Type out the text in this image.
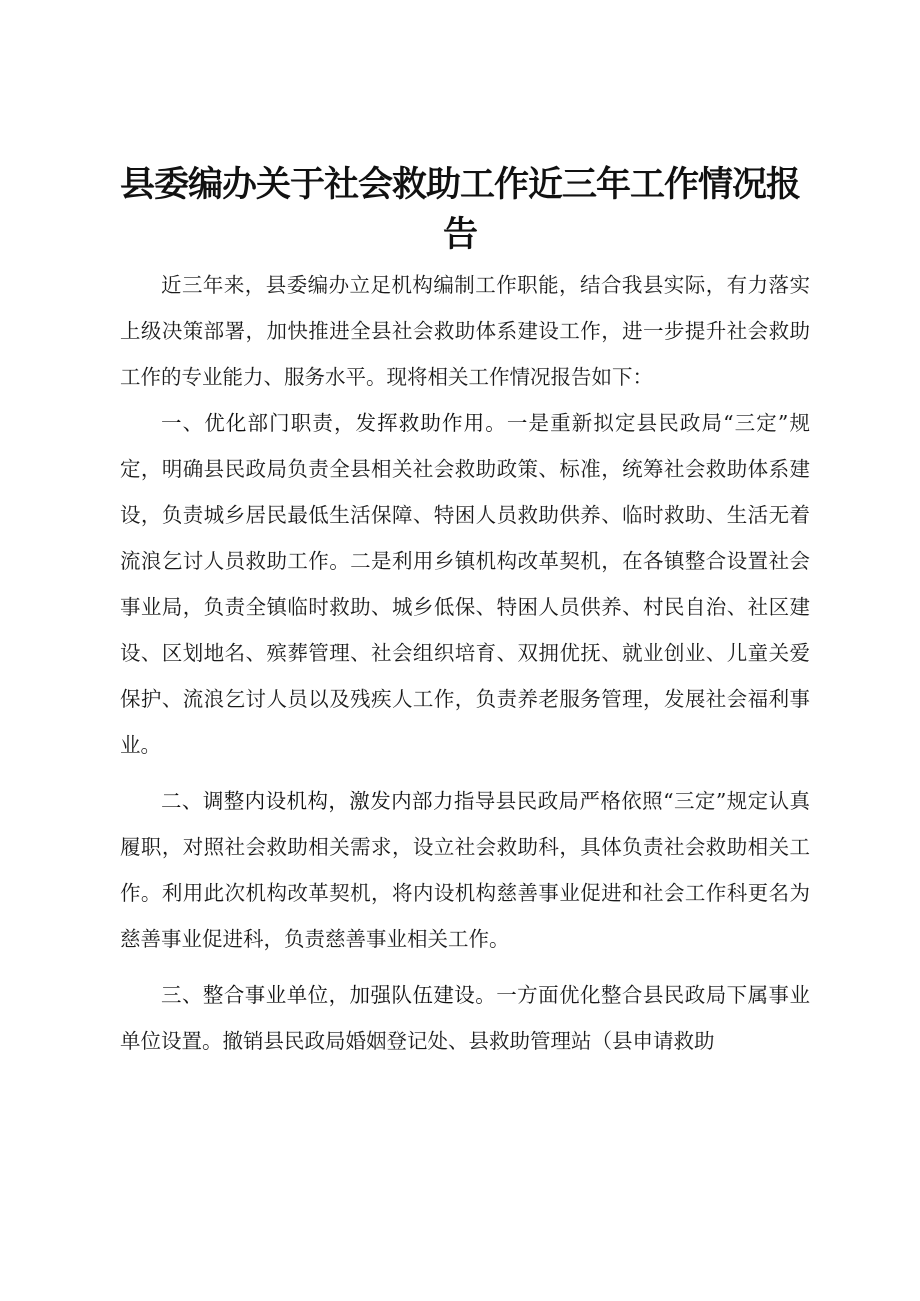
县委编办关于社会救助工作近三年工作情况报
告

近三年来，县委编办立足机构编制工作职能，结合我县实际，有力落实上级决策部署，加快推进全县社会救助体系建设工作，进一步提升社会救助工作的专业能力、服务水平。现将相关工作情况报告如下：

一、优化部门职责，发挥救助作用。一是重新拟定县民政局“三定”规定，明确县民政局负责全县相关社会救助政策、标准，统筹社会救助体系建设，负责城乡居民最低生活保障、特困人员救助供养、临时救助、生活无着流浪乞讨人员救助工作。二是利用乡镇机构改革契机，在各镇整合设置社会事业局，负责全镇临时救助、城乡低保、特困人员供养、村民自治、社区建设、区划地名、殡葬管理、社会组织培育、双拥优抚、就业创业、儿童关爱保护、流浪乞讨人员以及残疾人工作，负责养老服务管理，发展社会福利事业。

二、调整内设机构，激发内部力指导县民政局严格依照“三定”规定认真履职，对照社会救助相关需求，设立社会救助科，具体负责社会救助相关工作。利用此次机构改革契机，将内设机构慈善事业促进和社会工作科更名为慈善事业促进科，负责慈善事业相关工作。

三、整合事业单位，加强队伍建设。一方面优化整合县民政局下属事业单位设置。撤销县民政局婚姻登记处、县救助管理站（县申请救助
